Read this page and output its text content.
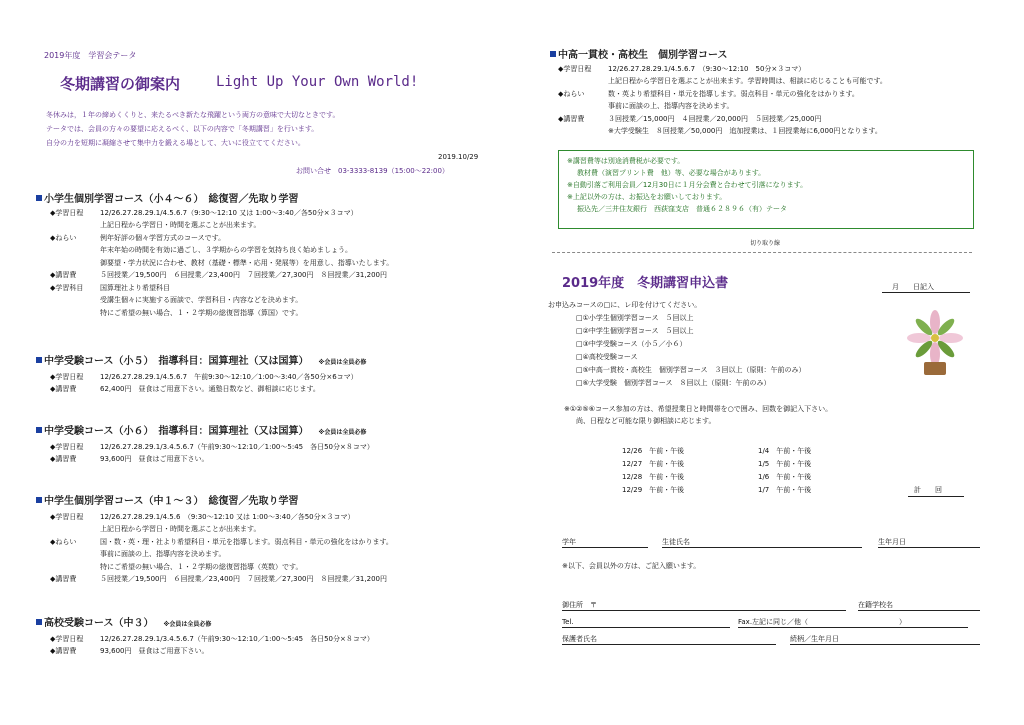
2019年度　学習会テータ
冬期講習の御案内	Light Up Your Own World!
冬休みは，１年の締めくくりと、来たるべき新たな飛躍という両方の意味で大切なときです。
テータでは、会員の方々の要望に応えるべく、以下の内容で「冬期講習」を行います。
自分の力を短期に凝縮させて集中力を鍛える場として、大いに役立ててください。
2019.10/29
お問い合せ　03-3333-8139（15:00～22:00）
小学生個別学習コース（小４～６）　総復習／先取り学習
◆学習日程 12/26.27.28.29.1/4.5.6.7（9:30～12:10 又は 1:00～3:40／各50分×３コマ）
上記日程から学習日・時間を選ぶことが出来ます。
◆ねらい	例年好評の個々学習方式のコースです。
年末年始の時間を有効に過ごし、３学期からの学習を気持ち良く始めましょう。
御要望・学力状況に合わせ、教材（基礎・標準・応用・発展等）を用意し、指導いたします。
◆講習費	５回授業／19,500円　６回授業／23,400円　７回授業／27,300円　８回授業／31,200円
◆学習科目 国算理社より希望科目
受講生個々に実施する面談で、学習科目・内容などを決めます。
特にご希望の無い場合、１・２学期の総復習指導（算国）です。
中学受験コース（小５）　指導科目：国算理社（又は国算） ※会員は全員必修
◆学習日程 12/26.27.28.29.1/4.5.6.7　午前9:30～12:10／1:00～3:40／各50分×6コマ）
◆講習費	62,400円　昼食はご用意下さい。通塾日数など、御相談に応じます。
中学受験コース（小６）　指導科目：国算理社（又は国算） ※会員は全員必修
◆学習日程 12/26.27.28.29.1/3.4.5.6.7（午前9:30～12:10／1:00～5:45　各日50分×８コマ）
◆講習費	93,600円　昼食はご用意下さい。
中学生個別学習コース（中１～３）　総復習／先取り学習
◆学習日程 12/26.27.28.29.1/4.5.6　（9:30～12:10 又は 1:00～3:40／各50分×３コマ）
上記日程から学習日・時間を選ぶことが出来ます。
◆ねらい	国・数・英・理・社より希望科目・単元を指導します。弱点科目・単元の強化をはかります。
事前に面談の上、指導内容を決めます。
特にご希望の無い場合、１・２学期の総復習指導（英数）です。
◆講習費	５回授業／19,500円　６回授業／23,400円　７回授業／27,300円　８回授業／31,200円
高校受験コース（中３） ※会員は全員必修
◆学習日程 12/26.27.28.29.1/3.4.5.6.7（午前9:30～12:10／1:00～5:45　各日50分×８コマ）
◆講習費	93,600円　昼食はご用意下さい。
中高一貫校・高校生　個別学習コース
◆学習日程 12/26.27.28.29.1/4.5.6.7　（9:30～12:10　50分×３コマ）
上記日程から学習日を選ぶことが出来ます。学習時間は、相談に応じることも可能です。
◆ねらい	数・英より希望科目・単元を指導します。弱点科目・単元の強化をはかります。
事前に面談の上、指導内容を決めます。
◆講習費	３回授業／15,000円　４回授業／20,000円　５回授業／25,000円
※大学受験生　８回授業／50,000円　追加授業は、１回授業毎に6,000円となります。
※講習費等は別途消費税が必要です。
教材費（演習プリント費　他）等、必要な場合があります。
※自動引落ご利用会員／12月30日に１月分会費と合わせて引落になります。
※上記以外の方は、お振込をお願いしております。
振込先／三井住友銀行　西荻窪支店　普通６２８９６（有）テータ
切り取り線
2019年度　冬期講習申込書	月　　日記入
お申込みコースの□に、レ印を付けてください。
□①小学生個別学習コース　５回以上
□②中学生個別学習コース　５回以上
□③中学受験コース（小５／小６）
□④高校受験コース
□⑤中高一貫校・高校生　個別学習コース　３回以上（原則：午前のみ）
□⑥大学受験　個別学習コース　８回以上（原則：午前のみ）
※①②⑤⑥コース参加の方は、希望授業日と時間帯を○で囲み、回数を御記入下さい。
尚、日程など可能な限り御相談に応じます。
12/26　午前・午後	1/4　午前・午後
12/27　午前・午後	1/5　午前・午後
12/28　午前・午後	1/6　午前・午後
12/29　午前・午後	1/7　午前・午後	計　　回
学年	生徒氏名	生年月日
※以下、会員以外の方は、ご記入願います。
御住所　〒	在籍学校名
Tel.	Fax.左記に同じ／他（　　　　　　　　　　　　　）
保護者氏名	続柄／生年月日
